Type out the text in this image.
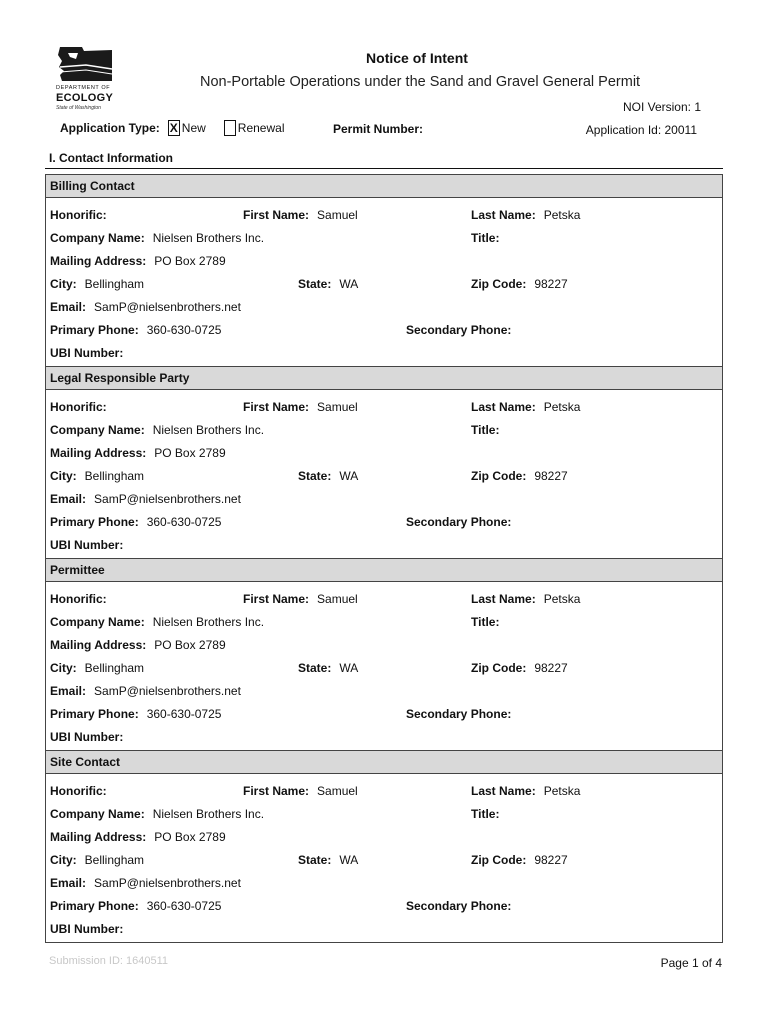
DEPARTMENT OF
ECOLOGY
State of Washington
Notice of Intent
Non-Portable Operations under the Sand and Gravel General Permit
NOI Version: 1
Application Type: X New	Renewal	Permit Number:	Application Id: 20011
I. Contact Information
Billing Contact
Honorific:	First Name: Samuel	Last Name: Petska
Company Name: Nielsen Brothers Inc.	Title:
Mailing Address: PO Box 2789
City: Bellingham	State: WA	Zip Code: 98227
Email: SamP@nielsenbrothers.net
Primary Phone: 360-630-0725	Secondary Phone:
UBI Number:
Legal Responsible Party
Honorific:	First Name: Samuel	Last Name: Petska
Company Name: Nielsen Brothers Inc.	Title:
Mailing Address: PO Box 2789
City: Bellingham	State: WA	Zip Code: 98227
Email: SamP@nielsenbrothers.net
Primary Phone: 360-630-0725	Secondary Phone:
UBI Number:
Permittee
Honorific:	First Name: Samuel	Last Name: Petska
Company Name: Nielsen Brothers Inc.	Title:
Mailing Address: PO Box 2789
City: Bellingham	State: WA	Zip Code: 98227
Email: SamP@nielsenbrothers.net
Primary Phone: 360-630-0725	Secondary Phone:
UBI Number:
Site Contact
Honorific:	First Name: Samuel	Last Name: Petska
Company Name: Nielsen Brothers Inc.	Title:
Mailing Address: PO Box 2789
City: Bellingham	State: WA	Zip Code: 98227
Email: SamP@nielsenbrothers.net
Primary Phone: 360-630-0725	Secondary Phone:
UBI Number:
Submission ID: 1640511	Page 1 of 4
